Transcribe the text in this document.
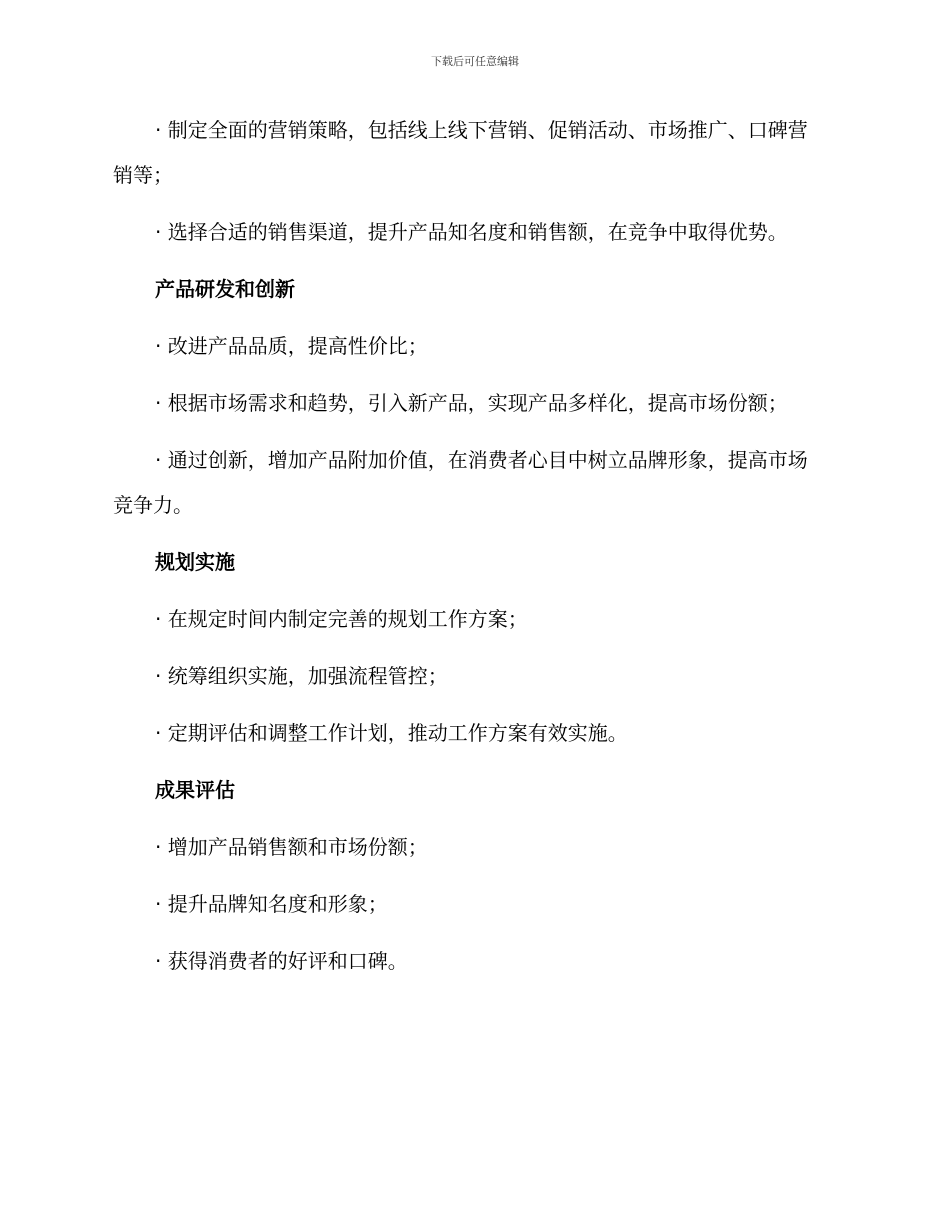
下载后可任意编辑

· 制定全面的营销策略，包括线上线下营销、促销活动、市场推广、口碑营销等；

· 选择合适的销售渠道，提升产品知名度和销售额，在竞争中取得优势。

产品研发和创新

· 改进产品品质，提高性价比；

· 根据市场需求和趋势，引入新产品，实现产品多样化，提高市场份额；

· 通过创新，增加产品附加价值，在消费者心目中树立品牌形象，提高市场竞争力。

规划实施

· 在规定时间内制定完善的规划工作方案；

· 统筹组织实施，加强流程管控；

· 定期评估和调整工作计划，推动工作方案有效实施。

成果评估

· 增加产品销售额和市场份额；

· 提升品牌知名度和形象；

· 获得消费者的好评和口碑。
